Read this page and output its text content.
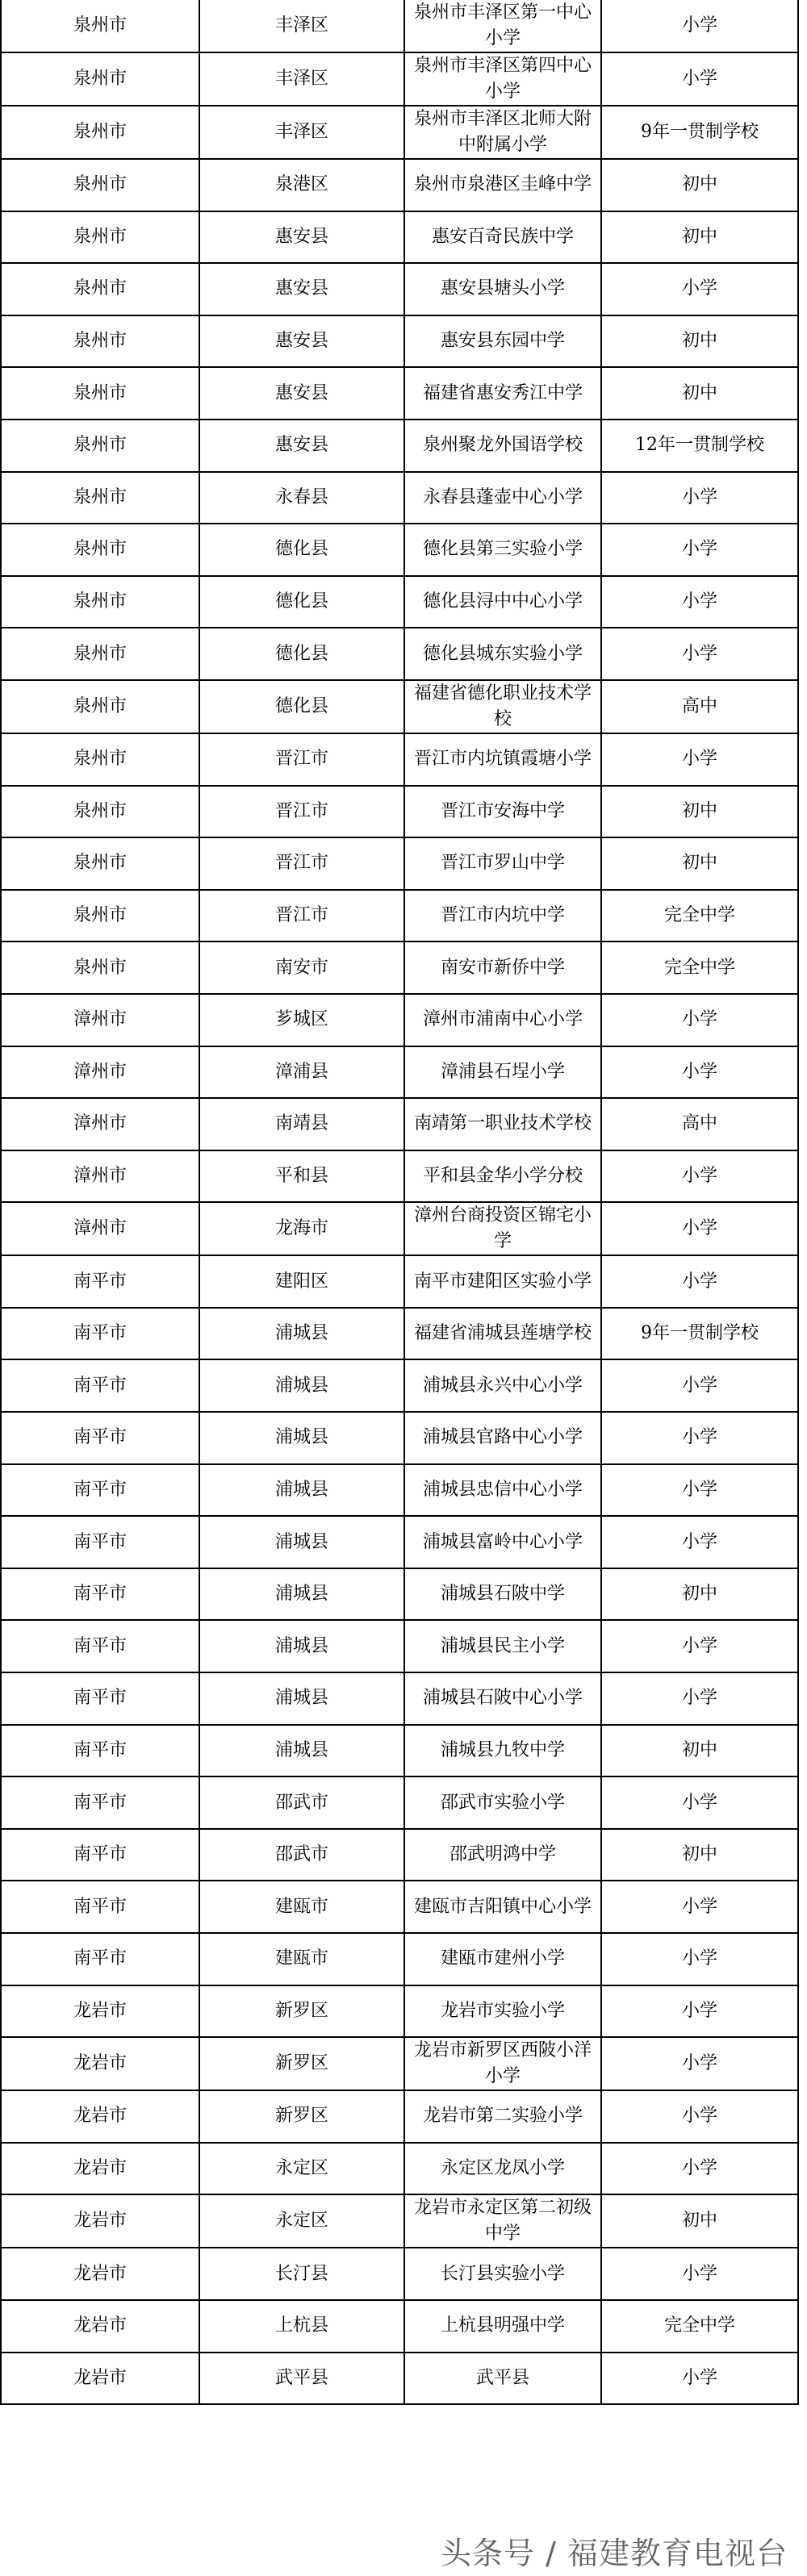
泉州市	丰泽区	泉州市丰泽区第一中心小学	小学
泉州市	丰泽区	泉州市丰泽区第四中心小学	小学
泉州市	丰泽区	泉州市丰泽区北师大附中附属小学	9年一贯制学校
泉州市	泉港区	泉州市泉港区圭峰中学	初中
泉州市	惠安县	惠安百奇民族中学	初中
泉州市	惠安县	惠安县塘头小学	小学
泉州市	惠安县	惠安县东园中学	初中
泉州市	惠安县	福建省惠安秀江中学	初中
泉州市	惠安县	泉州聚龙外国语学校	12年一贯制学校
泉州市	永春县	永春县蓬壶中心小学	小学
泉州市	德化县	德化县第三实验小学	小学
泉州市	德化县	德化县浔中中心小学	小学
泉州市	德化县	德化县城东实验小学	小学
泉州市	德化县	福建省德化职业技术学校	高中
泉州市	晋江市	晋江市内坑镇霞塘小学	小学
泉州市	晋江市	晋江市安海中学	初中
泉州市	晋江市	晋江市罗山中学	初中
泉州市	晋江市	晋江市内坑中学	完全中学
泉州市	南安市	南安市新侨中学	完全中学
漳州市	芗城区	漳州市浦南中心小学	小学
漳州市	漳浦县	漳浦县石埕小学	小学
漳州市	南靖县	南靖第一职业技术学校	高中
漳州市	平和县	平和县金华小学分校	小学
漳州市	龙海市	漳州台商投资区锦宅小学	小学
南平市	建阳区	南平市建阳区实验小学	小学
南平市	浦城县	福建省浦城县莲塘学校	9年一贯制学校
南平市	浦城县	浦城县永兴中心小学	小学
南平市	浦城县	浦城县官路中心小学	小学
南平市	浦城县	浦城县忠信中心小学	小学
南平市	浦城县	浦城县富岭中心小学	小学
南平市	浦城县	浦城县石陂中学	初中
南平市	浦城县	浦城县民主小学	小学
南平市	浦城县	浦城县石陂中心小学	小学
南平市	浦城县	浦城县九牧中学	初中
南平市	邵武市	邵武市实验小学	小学
南平市	邵武市	邵武明鸿中学	初中
南平市	建瓯市	建瓯市吉阳镇中心小学	小学
南平市	建瓯市	建瓯市建州小学	小学
龙岩市	新罗区	龙岩市实验小学	小学
龙岩市	新罗区	龙岩市新罗区西陂小洋小学	小学
龙岩市	新罗区	龙岩市第二实验小学	小学
龙岩市	永定区	永定区龙凤小学	小学
龙岩市	永定区	龙岩市永定区第二初级中学	初中
龙岩市	长汀县	长汀县实验小学	小学
龙岩市	上杭县	上杭县明强中学	完全中学
龙岩市	武平县	武平县	小学
头条号 / 福建教育电视台
